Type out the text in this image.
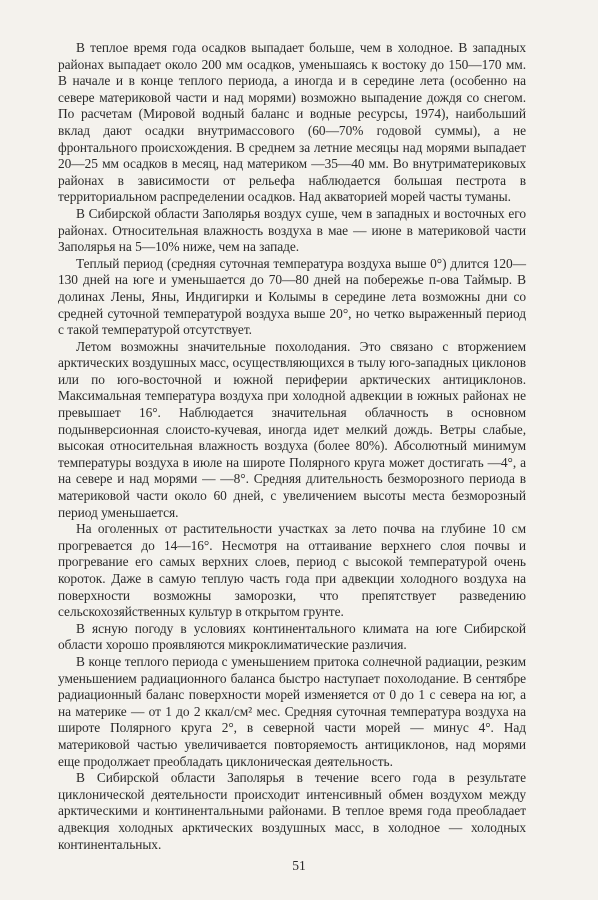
В теплое время года осадков выпадает больше, чем в холодное. В западных районах выпадает около 200 мм осадков, уменьшаясь к востоку до 150—170 мм. В начале и в конце теплого периода, а иногда и в середине лета (особенно на севере материковой части и над морями) возможно выпадение дождя со снегом. По расчетам (Мировой водный баланс и водные ресурсы, 1974), наибольший вклад дают осадки внутримассового (60—70% годовой суммы), а не фронтального происхождения. В среднем за летние месяцы над морями выпадает 20—25 мм осадков в месяц, над материком —35—40 мм. Во внутриматериковых районах в зависимости от рельефа наблюдается большая пестрота в территориальном распределении осадков. Над акваторией морей часты туманы.

В Сибирской области Заполярья воздух суше, чем в западных и восточных его районах. Относительная влажность воздуха в мае — июне в материковой части Заполярья на 5—10% ниже, чем на западе.

Теплый период (средняя суточная температура воздуха выше 0°) длится 120—130 дней на юге и уменьшается до 70—80 дней на побережье п-ова Таймыр. В долинах Лены, Яны, Индигирки и Колымы в середине лета возможны дни со средней суточной температурой воздуха выше 20°, но четко выраженный период с такой температурой отсутствует.

Летом возможны значительные похолодания. Это связано с вторжением арктических воздушных масс, осуществляющихся в тылу юго-западных циклонов или по юго-восточной и южной периферии арктических антициклонов. Максимальная температура воздуха при холодной адвекции в южных районах не превышает 16°. Наблюдается значительная облачность в основном подынверсионная слоисто-кучевая, иногда идет мелкий дождь. Ветры слабые, высокая относительная влажность воздуха (более 80%). Абсолютный минимум температуры воздуха в июле на широте Полярного круга может достигать —4°, а на севере и над морями — —8°. Средняя длительность безморозного периода в материковой части около 60 дней, с увеличением высоты места безморозный период уменьшается.

На оголенных от растительности участках за лето почва на глубине 10 см прогревается до 14—16°. Несмотря на оттаивание верхнего слоя почвы и прогревание его самых верхних слоев, период с высокой температурой очень короток. Даже в самую теплую часть года при адвекции холодного воздуха на поверхности возможны заморозки, что препятствует разведению сельскохозяйственных культур в открытом грунте.

В ясную погоду в условиях континентального климата на юге Сибирской области хорошо проявляются микроклиматические различия.

В конце теплого периода с уменьшением притока солнечной радиации, резким уменьшением радиационного баланса быстро наступает похолодание. В сентябре радиационный баланс поверхности морей изменяется от 0 до 1 с севера на юг, а на материке — от 1 до 2 ккал/см² мес. Средняя суточная температура воздуха на широте Полярного круга 2°, в северной части морей — минус 4°. Над материковой частью увеличивается повторяемость антициклонов, над морями еще продолжает преобладать циклоническая деятельность.

В Сибирской области Заполярья в течение всего года в результате циклонической деятельности происходит интенсивный обмен воздухом между арктическими и континентальными районами. В теплое время года преобладает адвекция холодных арктических воздушных масс, в холодное — холодных континентальных.

51
